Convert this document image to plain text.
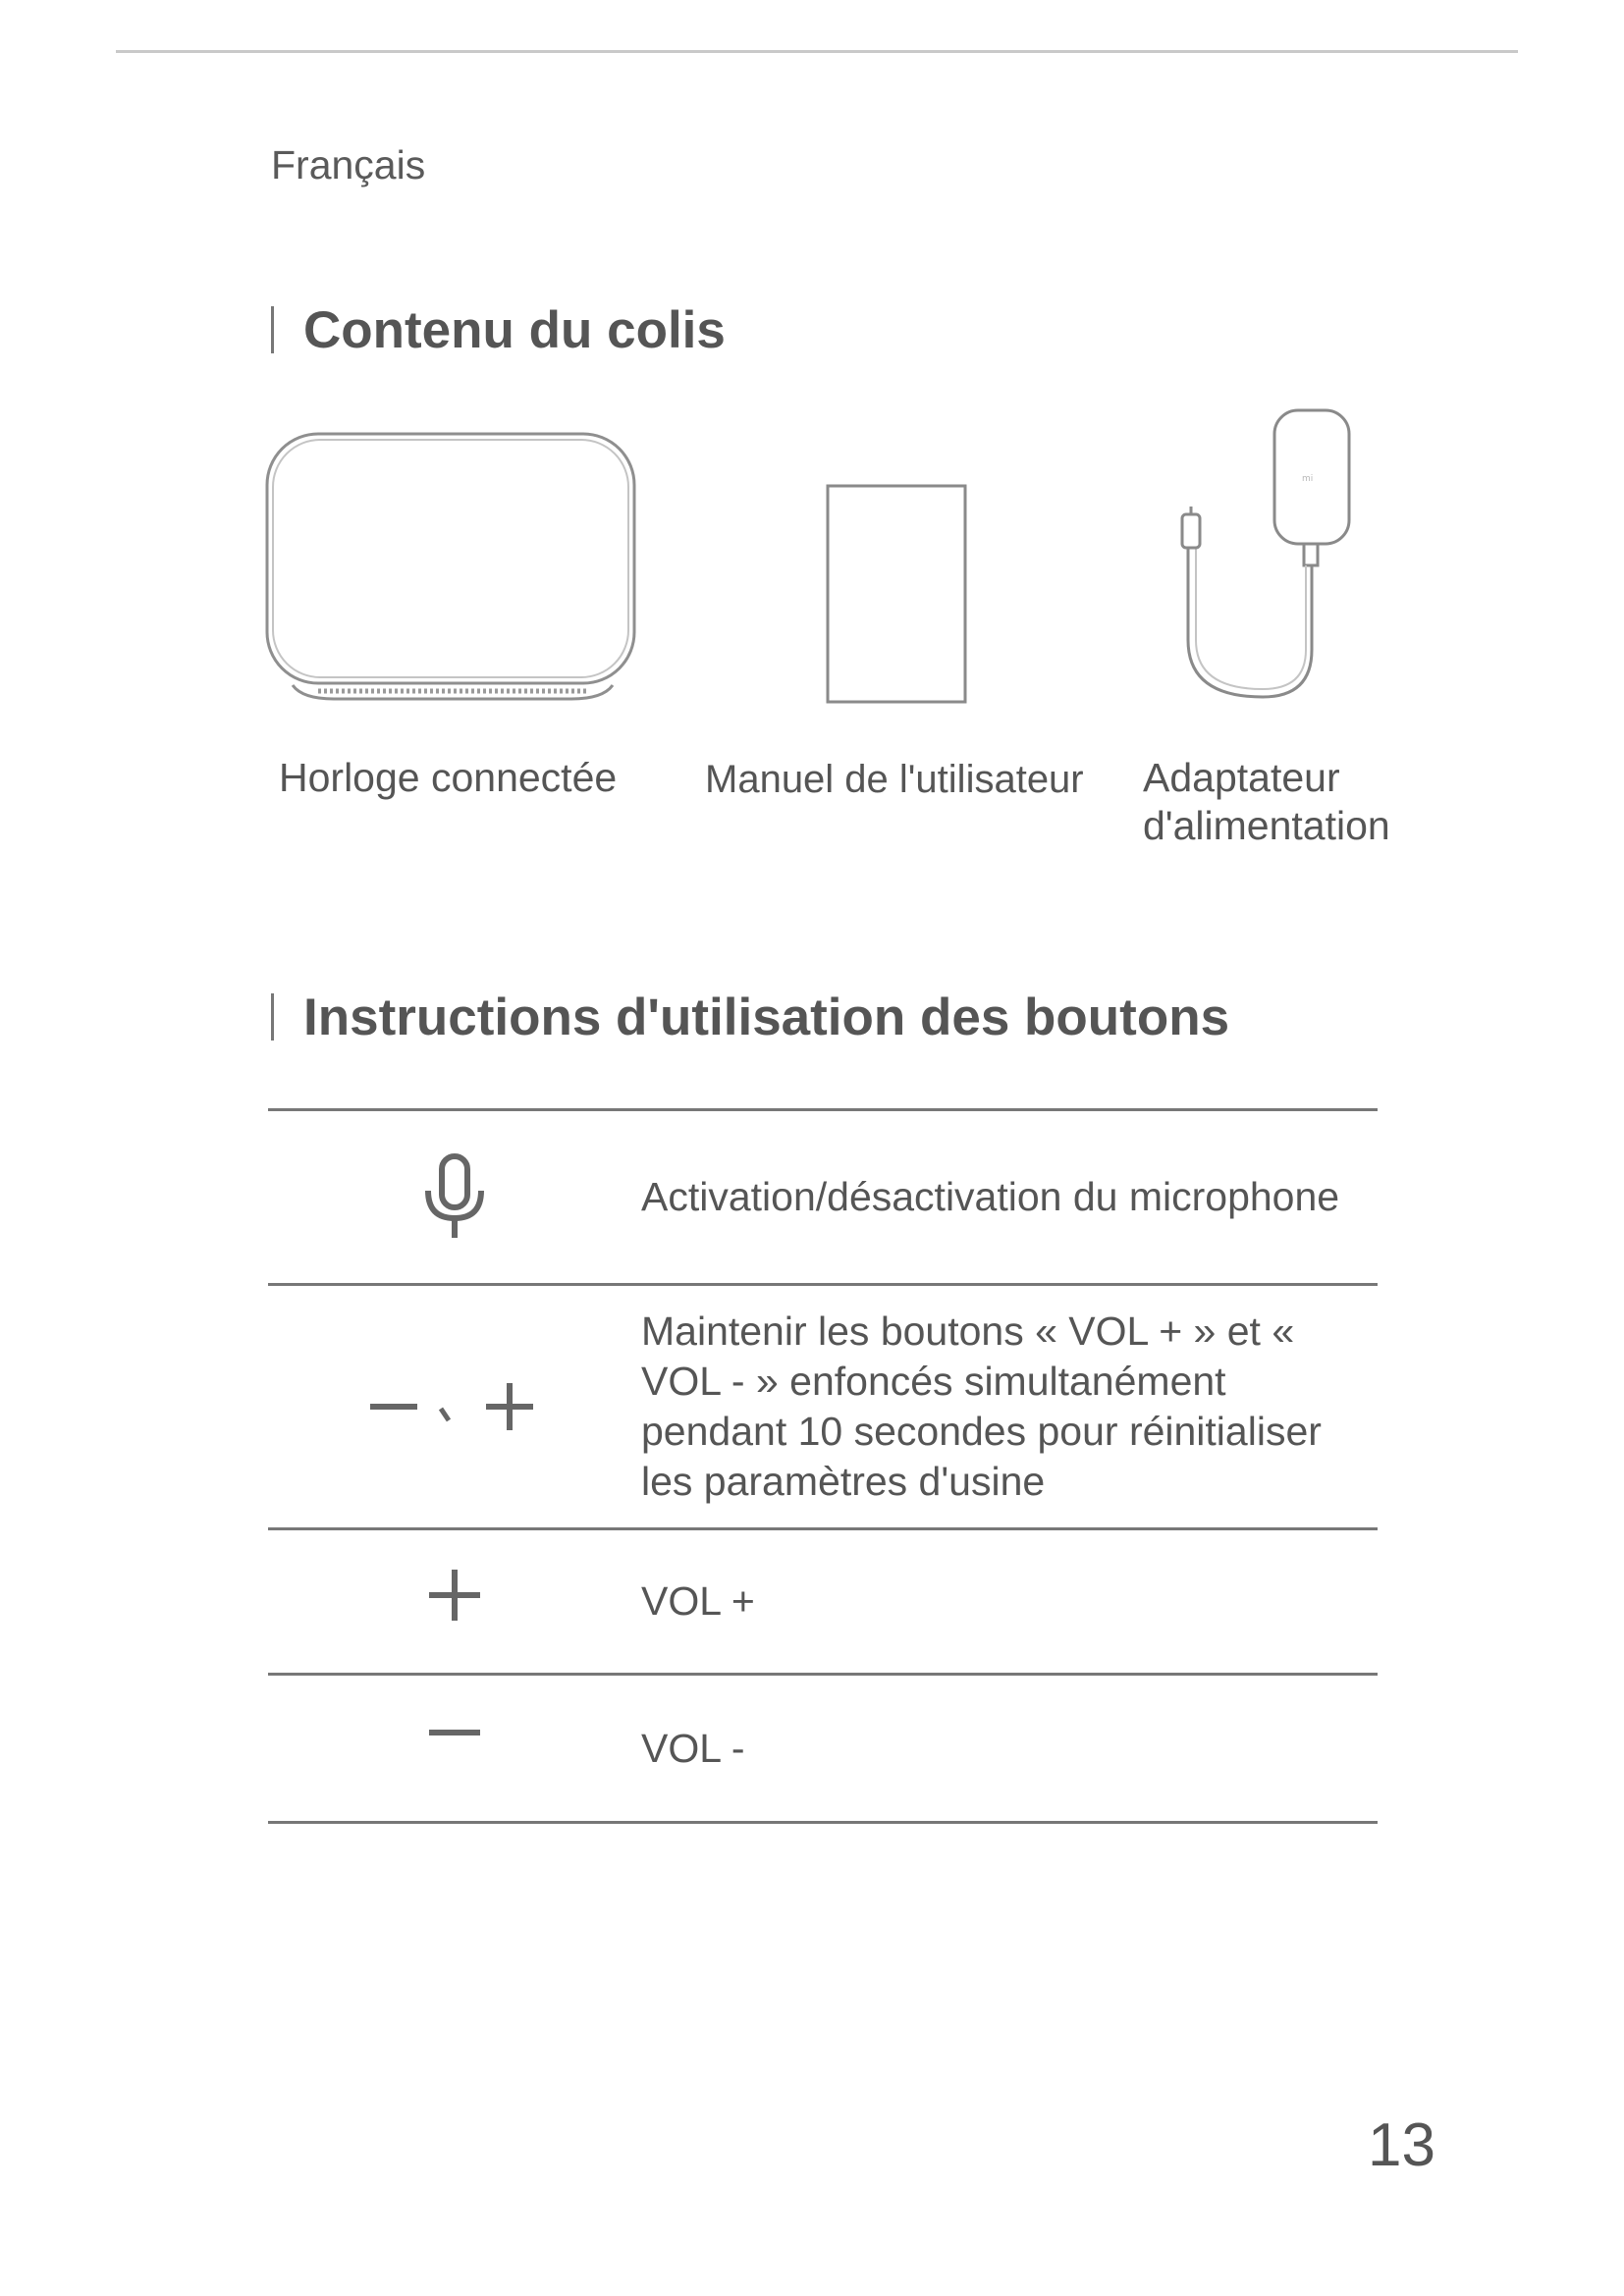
Français
Contenu du colis
mi
Horloge connectée Manuel de l'utilisateur Adaptateur
d'alimentation
Instructions d'utilisation des boutons
Activation/désactivation du microphone
Maintenir les boutons « VOL + » et «
VOL - » enfoncés simultanément
pendant 10 secondes pour réinitialiser
les paramètres d'usine
VOL +
VOL -
13
